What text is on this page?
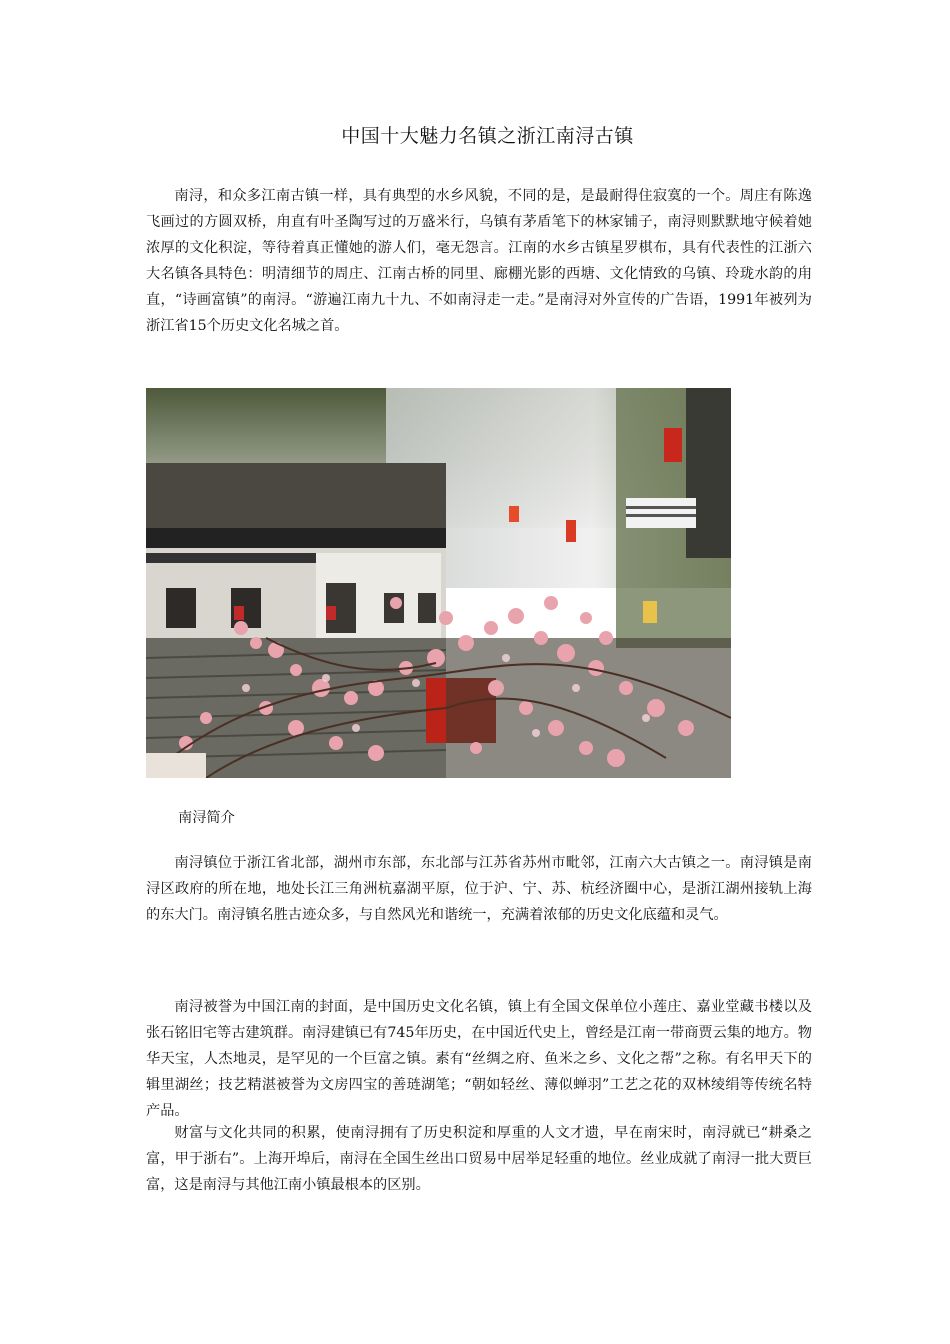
中国十大魅力名镇之浙江南浔古镇

南浔，和众多江南古镇一样，具有典型的水乡风貌，不同的是，是最耐得住寂寞的一个。周庄有陈逸飞画过的方圆双桥，甪直有叶圣陶写过的万盛米行，乌镇有茅盾笔下的林家铺子，南浔则默默地守候着她浓厚的文化积淀，等待着真正懂她的游人们，毫无怨言。江南的水乡古镇星罗棋布，具有代表性的江浙六大名镇各具特色：明清细节的周庄、江南古桥的同里、廊棚光影的西塘、文化情致的乌镇、玲珑水韵的甪直，“诗画富镇”的南浔。“游遍江南九十九、不如南浔走一走。”是南浔对外宣传的广告语，1991年被列为浙江省15个历史文化名城之首。

南浔简介

南浔镇位于浙江省北部，湖州市东部，东北部与江苏省苏州市毗邻，江南六大古镇之一。南浔镇是南浔区政府的所在地，地处长江三角洲杭嘉湖平原，位于沪、宁、苏、杭经济圈中心，是浙江湖州接轨上海的东大门。南浔镇名胜古迹众多，与自然风光和谐统一，充满着浓郁的历史文化底蕴和灵气。

南浔被誉为中国江南的封面，是中国历史文化名镇，镇上有全国文保单位小莲庄、嘉业堂藏书楼以及张石铭旧宅等古建筑群。南浔建镇已有745年历史，在中国近代史上，曾经是江南一带商贾云集的地方。物华天宝，人杰地灵，是罕见的一个巨富之镇。素有“丝绸之府、鱼米之乡、文化之帮”之称。有名甲天下的辑里湖丝；技艺精湛被誉为文房四宝的善琏湖笔；“朝如轻丝、薄似蝉羽”工艺之花的双林绫绢等传统名特产品。

财富与文化共同的积累，使南浔拥有了历史积淀和厚重的人文才遗，早在南宋时，南浔就已“耕桑之富，甲于浙右”。上海开埠后，南浔在全国生丝出口贸易中居举足轻重的地位。丝业成就了南浔一批大贾巨富，这是南浔与其他江南小镇最根本的区别。
